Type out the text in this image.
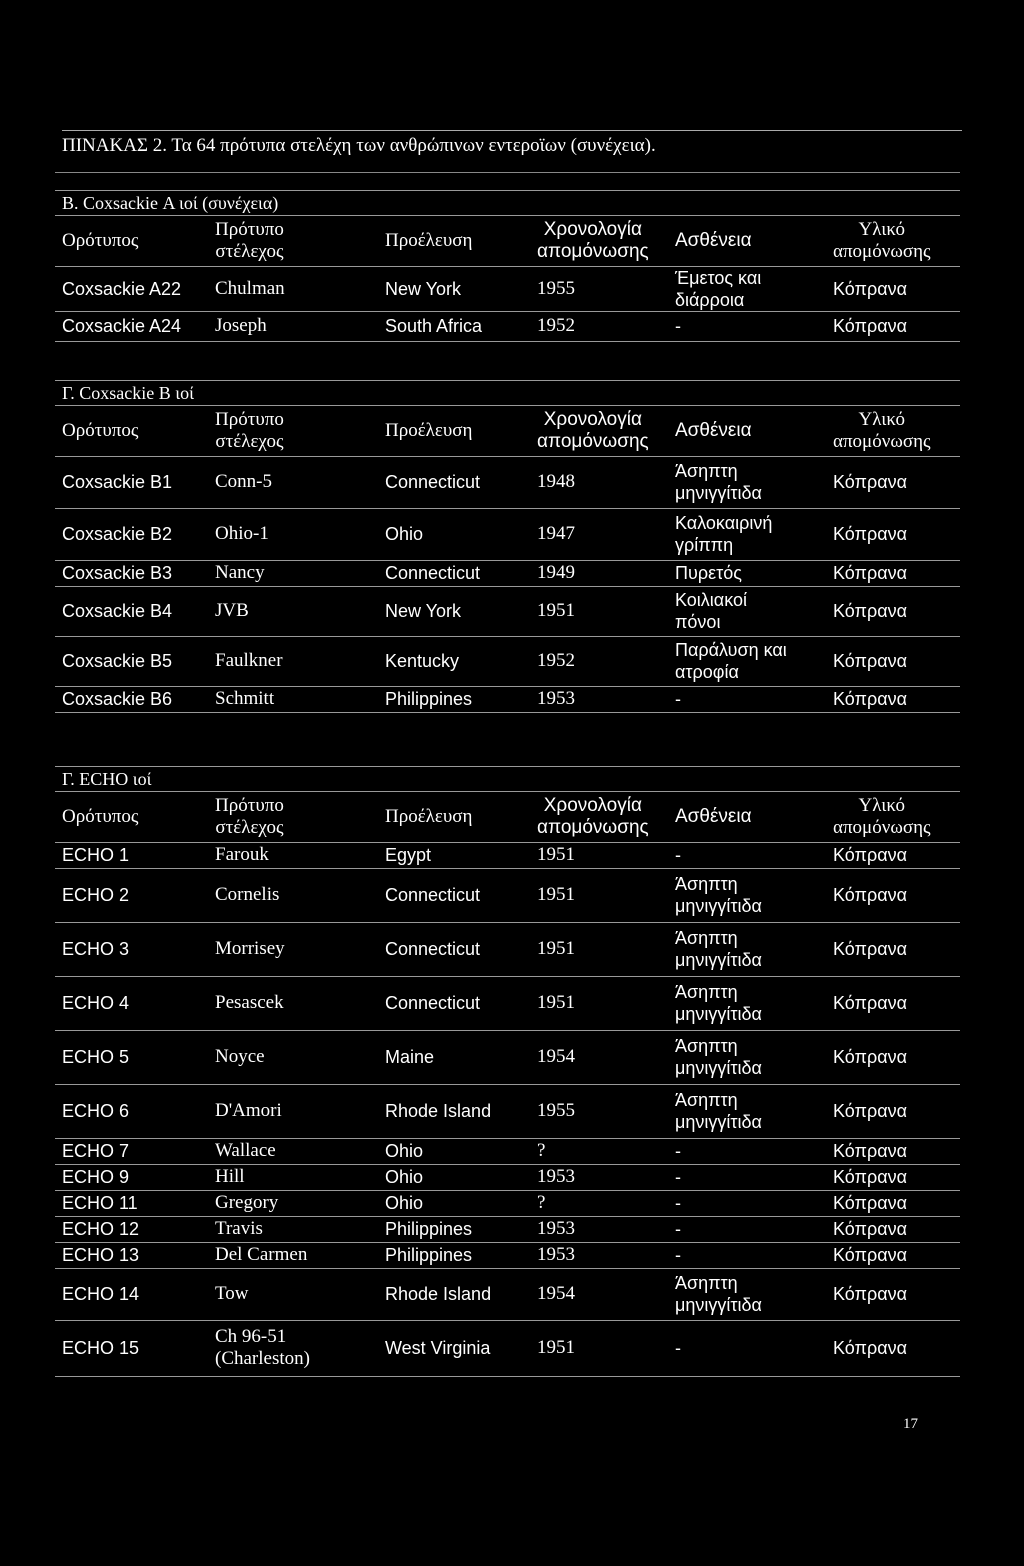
ΠΙΝΑΚΑΣ 2. Τα 64 πρότυπα στελέχη των ανθρώπινων εντεροϊων (συνέχεια).
Β. Coxsackie Α ιοί (συνέχεια)
Ορότυπος	Πρότυπο
στέλεχος	Προέλευση	Χρονολογία
απομόνωσης	Ασθένεια	Υλικό
απομόνωσης
Coxsackie A22	Chulman	New York	1955	Έμετος και
διάρροια	Κόπρανα
Coxsackie A24	Joseph	South Africa	1952	-	Κόπρανα
Γ. Coxsackie Β ιοί
Ορότυπος	Πρότυπο
στέλεχος	Προέλευση	Χρονολογία
απομόνωσης	Ασθένεια	Υλικό
απομόνωσης
Coxsackie B1	Conn-5	Connecticut	1948	Άσηπτη
μηνιγγίτιδα	Κόπρανα
Coxsackie B2	Ohio-1	Ohio	1947	Καλοκαιρινή
γρίππη	Κόπρανα
Coxsackie B3	Nancy	Connecticut	1949	Πυρετός	Κόπρανα
Coxsackie B4	JVB	New York	1951	Κοιλιακοί
πόνοι	Κόπρανα
Coxsackie B5	Faulkner	Kentucky	1952	Παράλυση και
ατροφία	Κόπρανα
Coxsackie B6	Schmitt	Philippines	1953	-	Κόπρανα
Γ. ECHO ιοί
Ορότυπος	Πρότυπο
στέλεχος	Προέλευση	Χρονολογία
απομόνωσης	Ασθένεια	Υλικό
απομόνωσης
ECHO 1	Farouk	Egypt	1951	-	Κόπρανα
ECHO 2	Cornelis	Connecticut	1951	Άσηπτη
μηνιγγίτιδα	Κόπρανα
ECHO 3	Morrisey	Connecticut	1951	Άσηπτη
μηνιγγίτιδα	Κόπρανα
ECHO 4	Pesascek	Connecticut	1951	Άσηπτη
μηνιγγίτιδα	Κόπρανα
ECHO 5	Noyce	Maine	1954	Άσηπτη
μηνιγγίτιδα	Κόπρανα
ECHO 6	D'Amori	Rhode Island	1955	Άσηπτη
μηνιγγίτιδα	Κόπρανα
ECHO 7	Wallace	Ohio	?	-	Κόπρανα
ECHO 9	Hill	Ohio	1953	-	Κόπρανα
ECHO 11	Gregory	Ohio	?	-	Κόπρανα
ECHO 12	Travis	Philippines	1953	-	Κόπρανα
ECHO 13	Del Carmen	Philippines	1953	-	Κόπρανα
ECHO 14	Tow	Rhode Island	1954	Άσηπτη
μηνιγγίτιδα	Κόπρανα
ECHO 15	Ch 96-51
(Charleston)	West Virginia	1951	-	Κόπρανα
17
